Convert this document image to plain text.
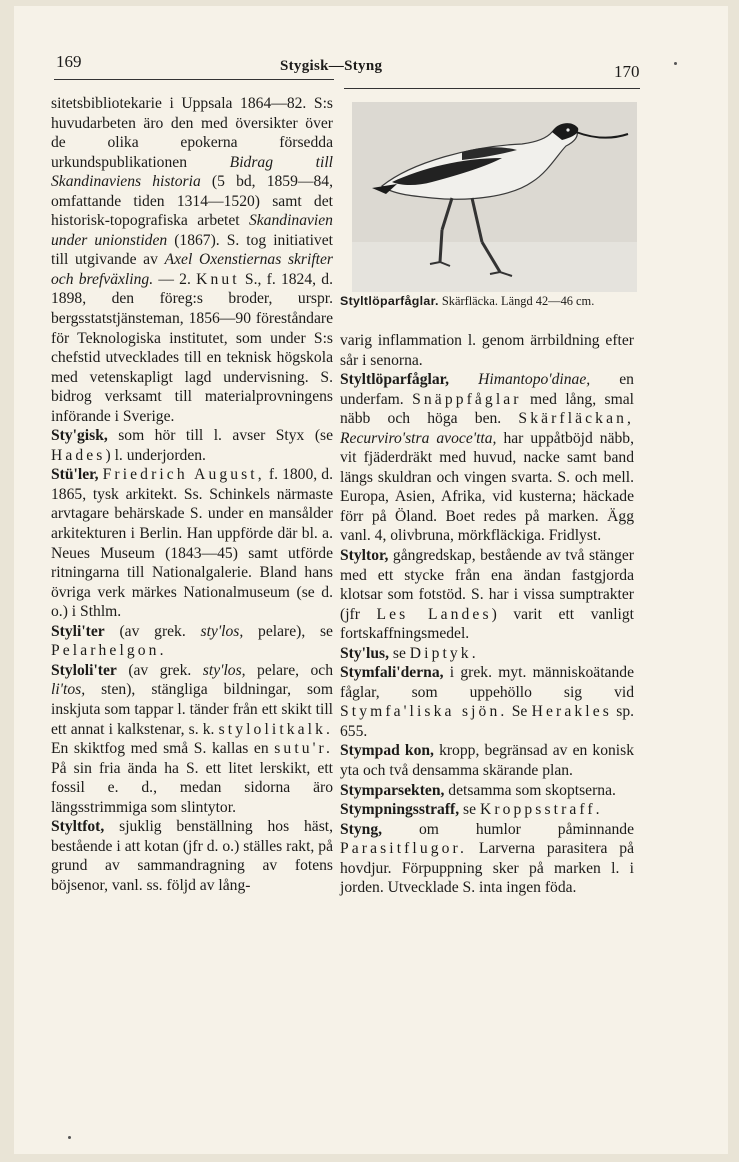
169	Stygisk—Styng	170

sitetsbibliotekarie i Uppsala 1864—82. S:s huvudarbeten äro den med översikter över de olika epokerna försedda urkundspublikationen	Bidrag till Skandinaviens historia (5 bd, 1859—84, omfattande tiden 1314—1520) samt det historisk-topografiska arbetet Skandinavien under unionstiden (1867). S. tog initiativet till utgivande av Axel Oxenstiernas skrifter och brefväxling. — 2. Knut S., f. 1824, d. 1898, den föreg:s broder, urspr. bergsstatstjänsteman, 1856—90 föreståndare för Teknologiska institutet, som under S:s chefstid utvecklades till en teknisk högskola med vetenskapligt lagd undervisning. S. bidrog verksamt till materialprovningens införande i Sverige.

Sty'gisk, som hör till l. avser Styx (se Hades) l. underjorden.

Stü'ler, Friedrich August, f. 1800, d. 1865, tysk arkitekt. Ss. Schinkels närmaste arvtagare behärskade S. under en mansålder arkitekturen i Berlin. Han uppförde där bl. a. Neues Museum (1843—45) samt utförde ritningarna till Nationalgalerie. Bland hans övriga verk märkes Nationalmuseum (se d. o.) i Sthlm.

Styli'ter (av grek. sty'los, pelare), se Pelarhelgon.

Styloli'ter (av grek. sty'los, pelare, och li'tos, sten), stängliga bildningar, som inskjuta som tappar l. tänder från ett skikt till ett annat i kalkstenar, s. k. stylolitkalk. En skiktfog med små S. kallas en sutu'r. På sin fria ända ha S. ett litet lerskikt, ett fossil e. d., medan sidorna äro längsstrimmiga som slintytor.

Styltfot, sjuklig benställning hos häst, bestående i att kotan (jfr d. o.) ställes rakt, på grund av sammandragning av fotens böjsenor, vanl. ss. följd av lång-

Styltlöparfåglar. Skärfläcka. Längd 42—46 cm.

varig inflammation l. genom ärrbildning efter sår i senorna.

Styltlöparfåglar, Himantopo'dinae, en underfam. Snäppfåglar med lång, smal näbb och höga ben. Skärfläckan, Recurviro'stra avoce'tta, har uppåtböjd näbb, vit fjäderdräkt med huvud, nacke samt band längs skuldran och vingen svarta. S. och mell. Europa, Asien, Afrika, vid kusterna; häckade förr på Öland. Boet redes på marken. Ägg vanl. 4, olivbruna, mörkfläckiga. Fridlyst.

Styltor, gångredskap, bestående av två stänger med ett stycke från ena ändan fastgjorda klotsar som fotstöd. S. har i vissa sumptrakter (jfr Les Landes) varit ett vanligt fortskaffningsmedel.

Sty'lus, se Diptyk.

Stymfali'derna, i grek. myt. människoätande fåglar, som uppehöllo sig vid Stymfa'liska sjön. Se Herakles sp. 655.

Stympad kon, kropp, begränsad av en konisk yta och två densamma skärande plan.

Stymparsekten, detsamma som skoptserna.

Stympningsstraff, se Kroppsstraff.

Styng, om humlor påminnande Parasitflugor. Larverna parasitera på hovdjur. Förpuppning sker på marken l. i jorden. Utvecklade S. inta ingen föda.
